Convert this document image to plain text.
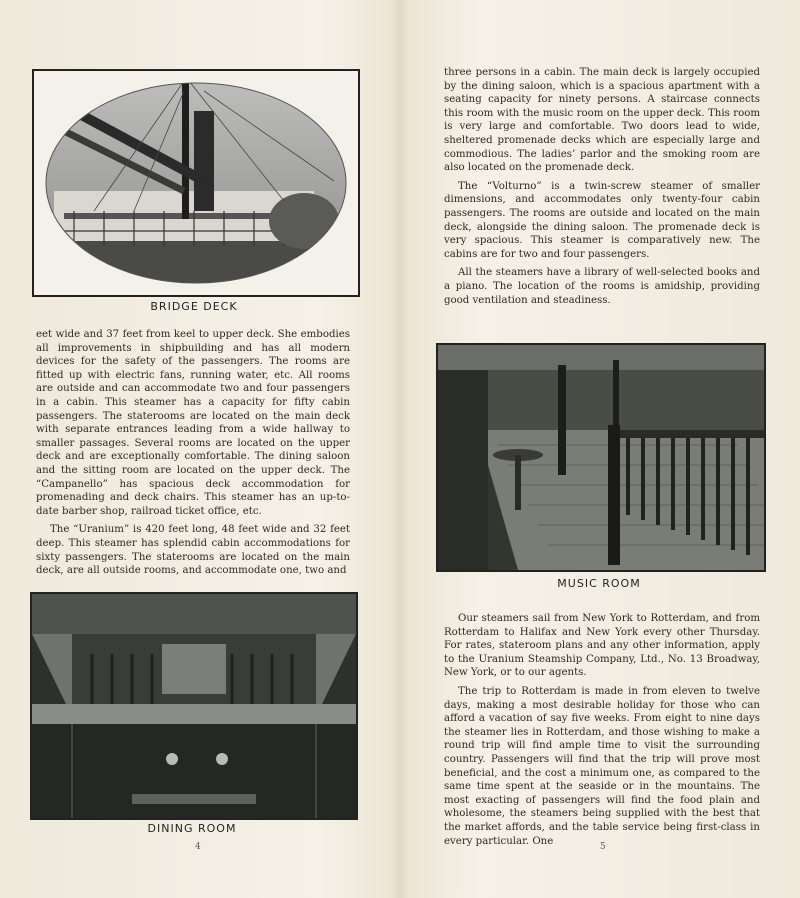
BRIDGE DECK

eet wide and 37 feet from keel to upper deck. She embodies all improvements in shipbuilding and has all modern devices for the safety of the passengers. The rooms are fitted up with electric fans, running water, etc. All rooms are outside and can accommodate two and four passengers in a cabin. This steamer has a capacity for fifty cabin passengers. The staterooms are located on the main deck with separate entrances leading from a wide hallway to smaller passages. Several rooms are located on the upper deck and are exceptionally comfortable. The dining saloon and the sitting room are located on the upper deck. The “Campanello” has spacious deck accommodation for promenading and deck chairs. This steamer has an up-to-date barber shop, railroad ticket office, etc.

The “Uranium” is 420 feet long, 48 feet wide and 32 feet deep. This steamer has splendid cabin accommodations for sixty passengers. The staterooms are located on the main deck, are all outside rooms, and accommodate one, two and

DINING ROOM
4

three persons in a cabin. The main deck is largely occupied by the dining saloon, which is a spacious apartment with a seating capacity for ninety persons. A staircase connects this room with the music room on the upper deck. This room is very large and comfortable. Two doors lead to wide, sheltered promenade decks which are especially large and commodious. The ladies’ parlor and the smoking room are also located on the promenade deck.

The “Volturno” is a twin-screw steamer of smaller dimensions, and accommodates only twenty-four cabin passengers. The rooms are outside and located on the main deck, alongside the dining saloon. The promenade deck is very spacious. This steamer is comparatively new. The cabins are for two and four passengers.

All the steamers have a library of well-selected books and a piano. The location of the rooms is amidship, providing good ventilation and steadiness.

MUSIC ROOM

Our steamers sail from New York to Rotterdam, and from Rotterdam to Halifax and New York every other Thursday. For rates, stateroom plans and any other information, apply to the Uranium Steamship Company, Ltd., No. 13 Broadway, New York, or to our agents.

The trip to Rotterdam is made in from eleven to twelve days, making a most desirable holiday for those who can afford a vacation of say five weeks. From eight to nine days the steamer lies in Rotterdam, and those wishing to make a round trip will find ample time to visit the surrounding country. Passengers will find that the trip will prove most beneficial, and the cost a minimum one, as compared to the same time spent at the seaside or in the mountains. The most exacting of passengers will find the food plain and wholesome, the steamers being supplied with the best that the market affords, and the table service being first-class in every particular. One

5
